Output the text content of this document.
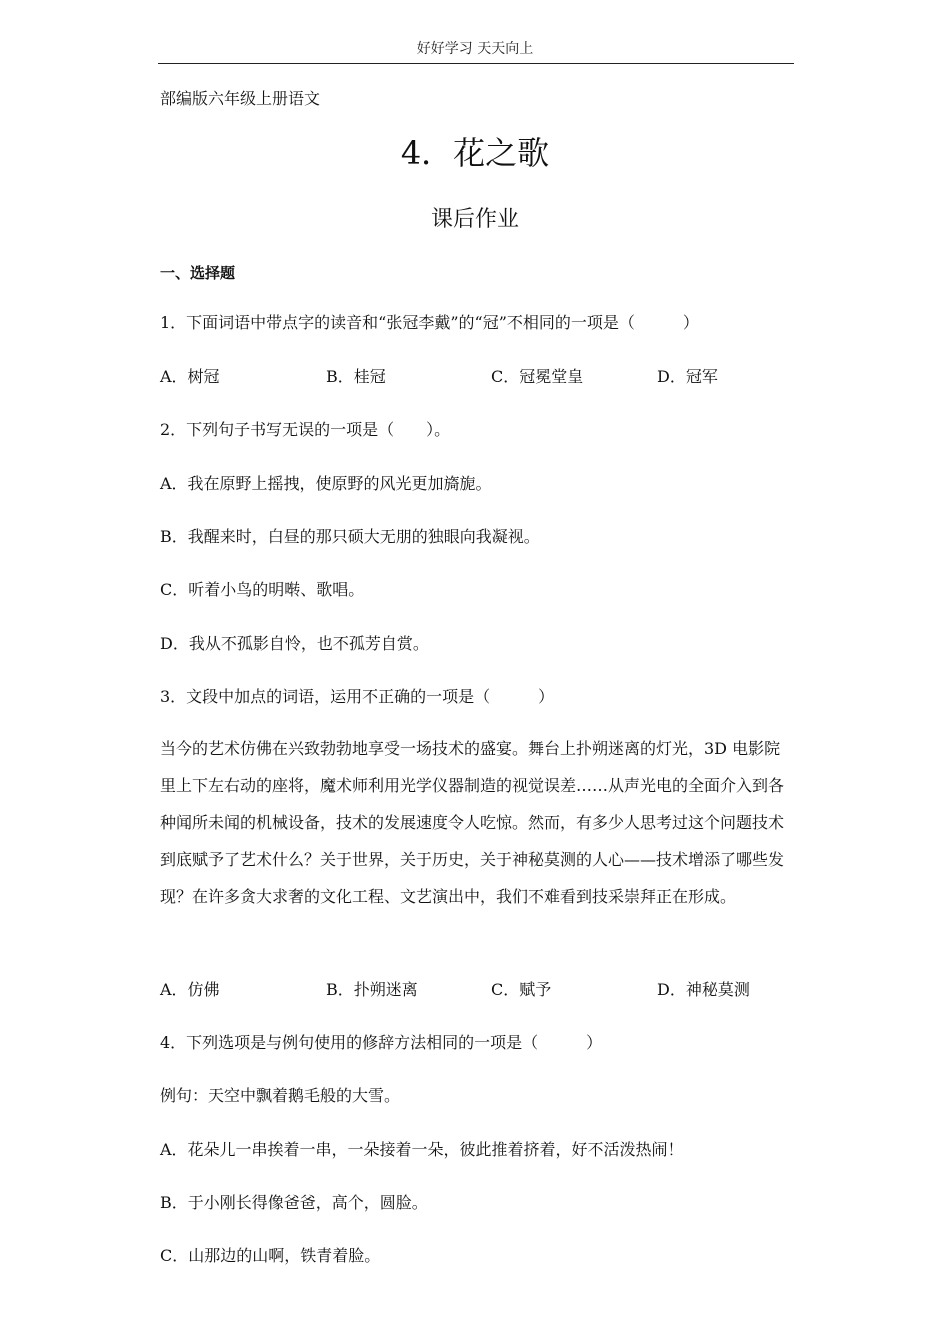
好好学习 天天向上
部编版六年级上册语文
4．花之歌
课后作业
一、选择题
1．下面词语中带点字的读音和“张冠李戴”的“冠”不相同的一项是（　　　）
A．树冠	B．桂冠	C．冠冕堂皇	D．冠军
2．下列句子书写无误的一项是（　　）。
A．我在原野上摇拽，使原野的风光更加旖旎。
B．我醒来时，白昼的那只硕大无朋的独眼向我凝视。
C．听着小鸟的明啭、歌唱。
D．我从不孤影自怜，也不孤芳自赏。
3．文段中加点的词语，运用不正确的一项是（　　　）
当今的艺术仿佛在兴致勃勃地享受一场技术的盛宴。舞台上扑朔迷离的灯光，3D 电影院里上下左右动的座将，魔术师利用光学仪器制造的视觉误差……从声光电的全面介入到各种闻所未闻的机械设备，技术的发展速度令人吃惊。然而，有多少人思考过这个问题技术到底赋予了艺术什么？关于世界，关于历史，关于神秘莫测的人心——技术增添了哪些发现？在许多贪大求奢的文化工程、文艺演出中，我们不难看到技采崇拜正在形成。
A．仿佛	B．扑朔迷离	C．赋予	D．神秘莫测
4．下列选项是与例句使用的修辞方法相同的一项是（　　　）
例句：天空中飘着鹅毛般的大雪。
A．花朵儿一串挨着一串，一朵接着一朵，彼此推着挤着，好不活泼热闹！
B．于小刚长得像爸爸，高个，圆脸。
C．山那边的山啊，铁青着脸。
